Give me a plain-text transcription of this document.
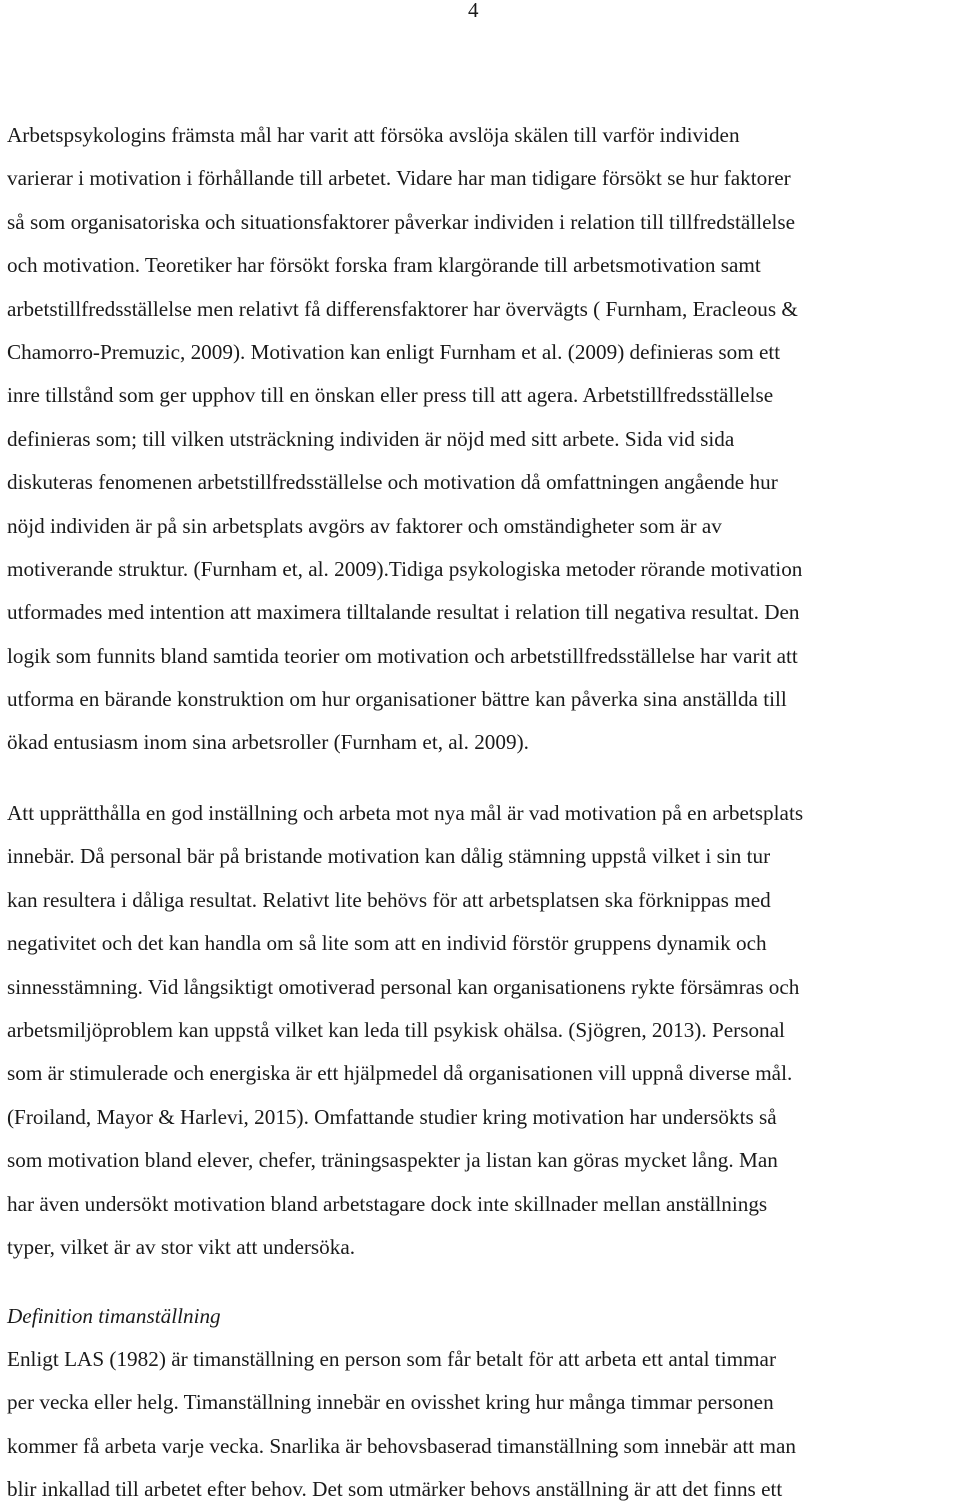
4
Arbetspsykologins främsta mål har varit att försöka avslöja skälen till varför individen
varierar i motivation i förhållande till arbetet. Vidare har man tidigare försökt se hur faktorer
så som organisatoriska och situationsfaktorer påverkar individen i relation till tillfredställelse
och motivation. Teoretiker har försökt forska fram klargörande till arbetsmotivation samt
arbetstillfredsställelse men relativt få differensfaktorer har övervägts ( Furnham, Eracleous &
Chamorro-Premuzic, 2009). Motivation kan enligt Furnham et al. (2009) definieras som ett
inre tillstånd som ger upphov till en önskan eller press till att agera. Arbetstillfredsställelse
definieras som; till vilken utsträckning individen är nöjd med sitt arbete. Sida vid sida
diskuteras fenomenen arbetstillfredsställelse och motivation då omfattningen angående hur
nöjd individen är på sin arbetsplats avgörs av faktorer och omständigheter som är av
motiverande struktur. (Furnham et, al. 2009).Tidiga psykologiska metoder rörande motivation
utformades med intention att maximera tilltalande resultat i relation till negativa resultat. Den
logik som funnits bland samtida teorier om motivation och arbetstillfredsställelse har varit att
utforma en bärande konstruktion om hur organisationer bättre kan påverka sina anställda till
ökad entusiasm inom sina arbetsroller (Furnham et, al. 2009).
Att upprätthålla en god inställning och arbeta mot nya mål är vad motivation på en arbetsplats
innebär. Då personal bär på bristande motivation kan dålig stämning uppstå vilket i sin tur
kan resultera i dåliga resultat. Relativt lite behövs för att arbetsplatsen ska förknippas med
negativitet och det kan handla om så lite som att en individ förstör gruppens dynamik och
sinnesstämning. Vid långsiktigt omotiverad personal kan organisationens rykte försämras och
arbetsmiljöproblem kan uppstå vilket kan leda till psykisk ohälsa. (Sjögren, 2013). Personal
som är stimulerade och energiska är ett hjälpmedel då organisationen vill uppnå diverse mål.
(Froiland, Mayor & Harlevi, 2015). Omfattande studier kring motivation har undersökts så
som motivation bland elever, chefer, träningsaspekter ja listan kan göras mycket lång. Man
har även undersökt motivation bland arbetstagare dock inte skillnader mellan anställnings
typer, vilket är av stor vikt att undersöka.
Definition timanställning
Enligt LAS (1982) är timanställning en person som får betalt för att arbeta ett antal timmar
per vecka eller helg. Timanställning innebär en ovisshet kring hur många timmar personen
kommer få arbeta varje vecka. Snarlika är behovsbaserad timanställning som innebär att man
blir inkallad till arbetet efter behov. Det som utmärker behovs anställning är att det finns ett
